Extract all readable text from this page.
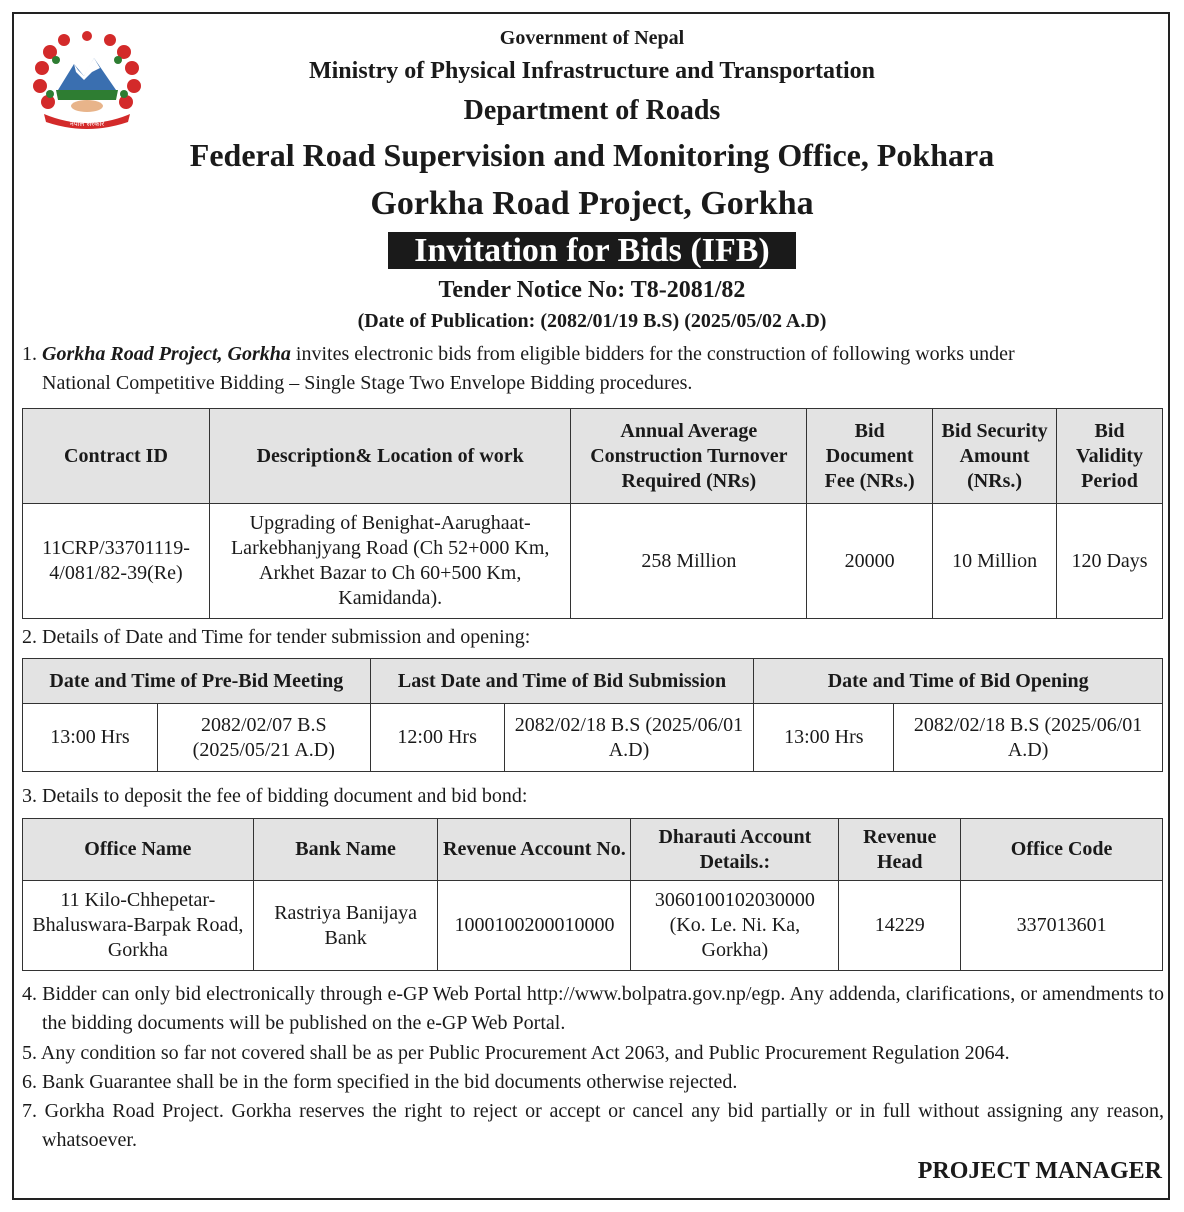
नेपाल सरकार
Government of Nepal
Ministry of Physical Infrastructure and Transportation
Department of Roads
Federal Road Supervision and Monitoring Office, Pokhara
Gorkha Road Project, Gorkha
Invitation for Bids (IFB)
Tender Notice No: T8-2081/82
(Date of Publication: (2082/01/19 B.S) (2025/05/02 A.D)
1. Gorkha Road Project, Gorkha invites electronic bids from eligible bidders for the construction of following works under
National Competitive Bidding – Single Stage Two Envelope Bidding procedures.
Contract ID	Description& Location of work	Annual Average Construction Turnover Required (NRs)	Bid Document Fee (NRs.)	Bid Security Amount (NRs.)	Bid Validity Period
11CRP/33701119-4/081/82-39(Re)	Upgrading of Benighat-Aarughaat-Larkebhanjyang Road (Ch 52+000 Km, Arkhet Bazar to Ch 60+500 Km, Kamidanda).	258 Million	20000	10 Million	120 Days
2. Details of Date and Time for tender submission and opening:
Date and Time of Pre-Bid Meeting		Last Date and Time of Bid Submission		Date and Time of Bid Opening	
13:00 Hrs	2082/02/07 B.S (2025/05/21 A.D)	12:00 Hrs	2082/02/18 B.S (2025/06/01 A.D)	13:00 Hrs	2082/02/18 B.S (2025/06/01 A.D)
3. Details to deposit the fee of bidding document and bid bond:
Office Name	Bank Name	Revenue Account No.	Dharauti Account Details.:	Revenue Head	Office Code
11 Kilo-Chhepetar-Bhaluswara-Barpak Road, Gorkha	Rastriya Banijaya Bank	1000100200010000	3060100102030000 (Ko. Le. Ni. Ka, Gorkha)	14229	337013601
4. Bidder can only bid electronically through e-GP Web Portal http://www.bolpatra.gov.np/egp. Any addenda, clarifications, or amendments to the bidding documents will be published on the e-GP Web Portal.
5. Any condition so far not covered shall be as per Public Procurement Act 2063, and Public Procurement Regulation 2064.
6. Bank Guarantee shall be in the form specified in the bid documents otherwise rejected.
7. Gorkha Road Project. Gorkha reserves the right to reject or accept or cancel any bid partially or in full without assigning any reason, whatsoever.
PROJECT MANAGER
